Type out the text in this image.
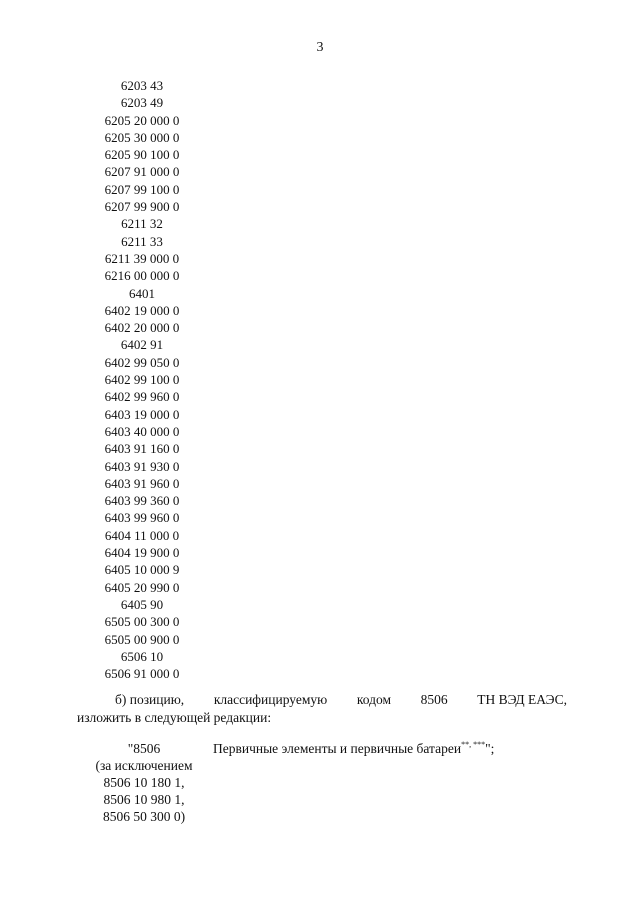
3
6203 43
6203 49
6205 20 000 0
6205 30 000 0
6205 90 100 0
6207 91 000 0
6207 99 100 0
6207 99 900 0
6211 32
6211 33
6211 39 000 0
6216 00 000 0
6401
6402 19 000 0
6402 20 000 0
6402 91
6402 99 050 0
6402 99 100 0
6402 99 960 0
6403 19 000 0
6403 40 000 0
6403 91 160 0
6403 91 930 0
6403 91 960 0
6403 99 360 0
6403 99 960 0
6404 11 000 0
6404 19 900 0
6405 10 000 9
6405 20 990 0
6405 90
6505 00 300 0
6505 00 900 0
6506 10
6506 91 000 0
б) позицию, классифицируемую кодом 8506 ТН ВЭД ЕАЭС,
изложить в следующей редакции:
"8506
(за исключением
8506 10 180 1,
8506 10 980 1,
8506 50 300 0)
Первичные элементы и первичные батареи**, ***";
